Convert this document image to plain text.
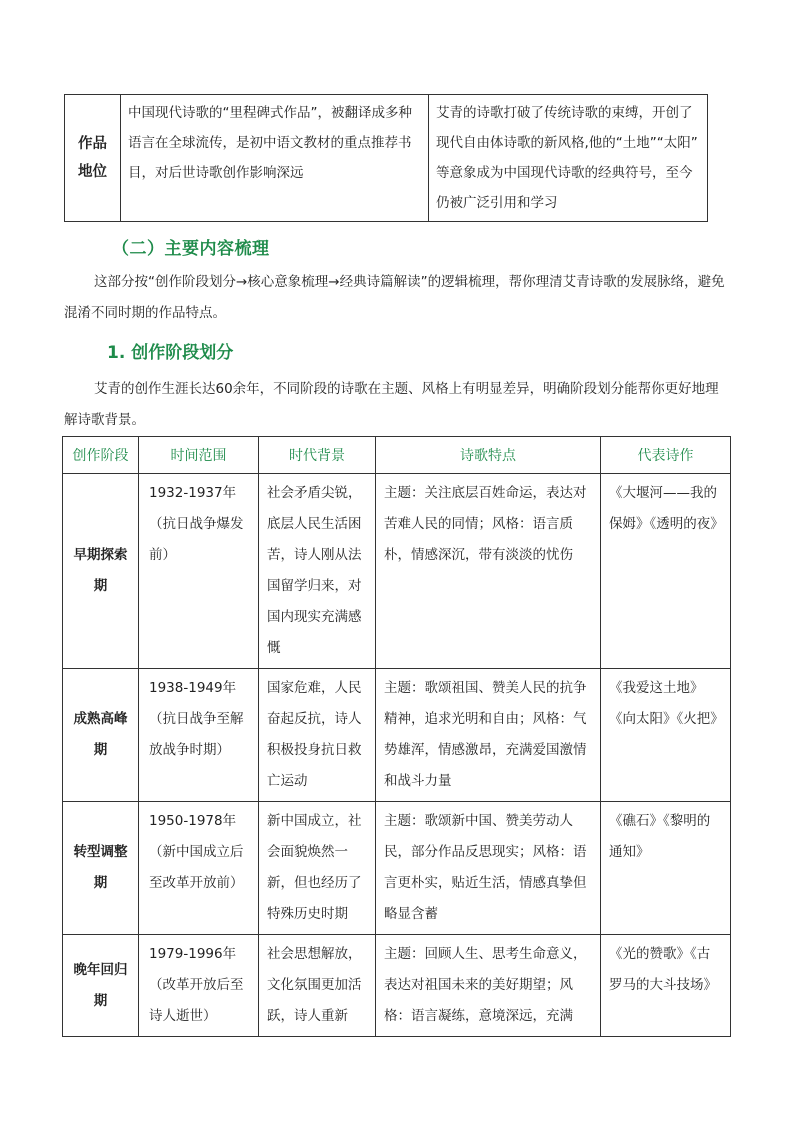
作品地位	中国现代诗歌的“里程碑式作品”，被翻译成多种语言在全球流传，是初中语文教材的重点推荐书目，对后世诗歌创作影响深远	艾青的诗歌打破了传统诗歌的束缚，开创了现代自由体诗歌的新风格,他的“土地”“太阳” 等意象成为中国现代诗歌的经典符号，至今仍被广泛引用和学习
（二）主要内容梳理
这部分按“创作阶段划分→核心意象梳理→经典诗篇解读”的逻辑梳理，帮你理清艾青诗歌的发展脉络，避免混淆不同时期的作品特点。
1. 创作阶段划分
艾青的创作生涯长达60余年，不同阶段的诗歌在主题、风格上有明显差异，明确阶段划分能帮你更好地理解诗歌背景。
创作阶段	时间范围	时代背景	诗歌特点	代表诗作
早期探索期	1932-1937年（抗日战争爆发前）	社会矛盾尖锐，底层人民生活困苦，诗人刚从法国留学归来，对国内现实充满感慨	主题：关注底层百姓命运，表达对苦难人民的同情；风格：语言质朴，情感深沉，带有淡淡的忧伤	《大堰河——我的保姆》《透明的夜》
成熟高峰期	1938-1949年（抗日战争至解放战争时期）	国家危难，人民奋起反抗，诗人积极投身抗日救亡运动	主题：歌颂祖国、赞美人民的抗争精神，追求光明和自由；风格：气势雄浑，情感激昂，充满爱国激情和战斗力量	《我爱这土地》《向太阳》《火把》
转型调整期	1950-1978年（新中国成立后至改革开放前）	新中国成立，社会面貌焕然一新，但也经历了特殊历史时期	主题：歌颂新中国、赞美劳动人民，部分作品反思现实；风格：语言更朴实，贴近生活，情感真挚但略显含蓄	《礁石》《黎明的通知》
晚年回归期	1979-1996年（改革开放后至诗人逝世）	社会思想解放，文化氛围更加活跃，诗人重新	主题：回顾人生、思考生命意义，表达对祖国未来的美好期望；风格：语言凝练，意境深远，充满	《光的赞歌》《古罗马的大斗技场》
